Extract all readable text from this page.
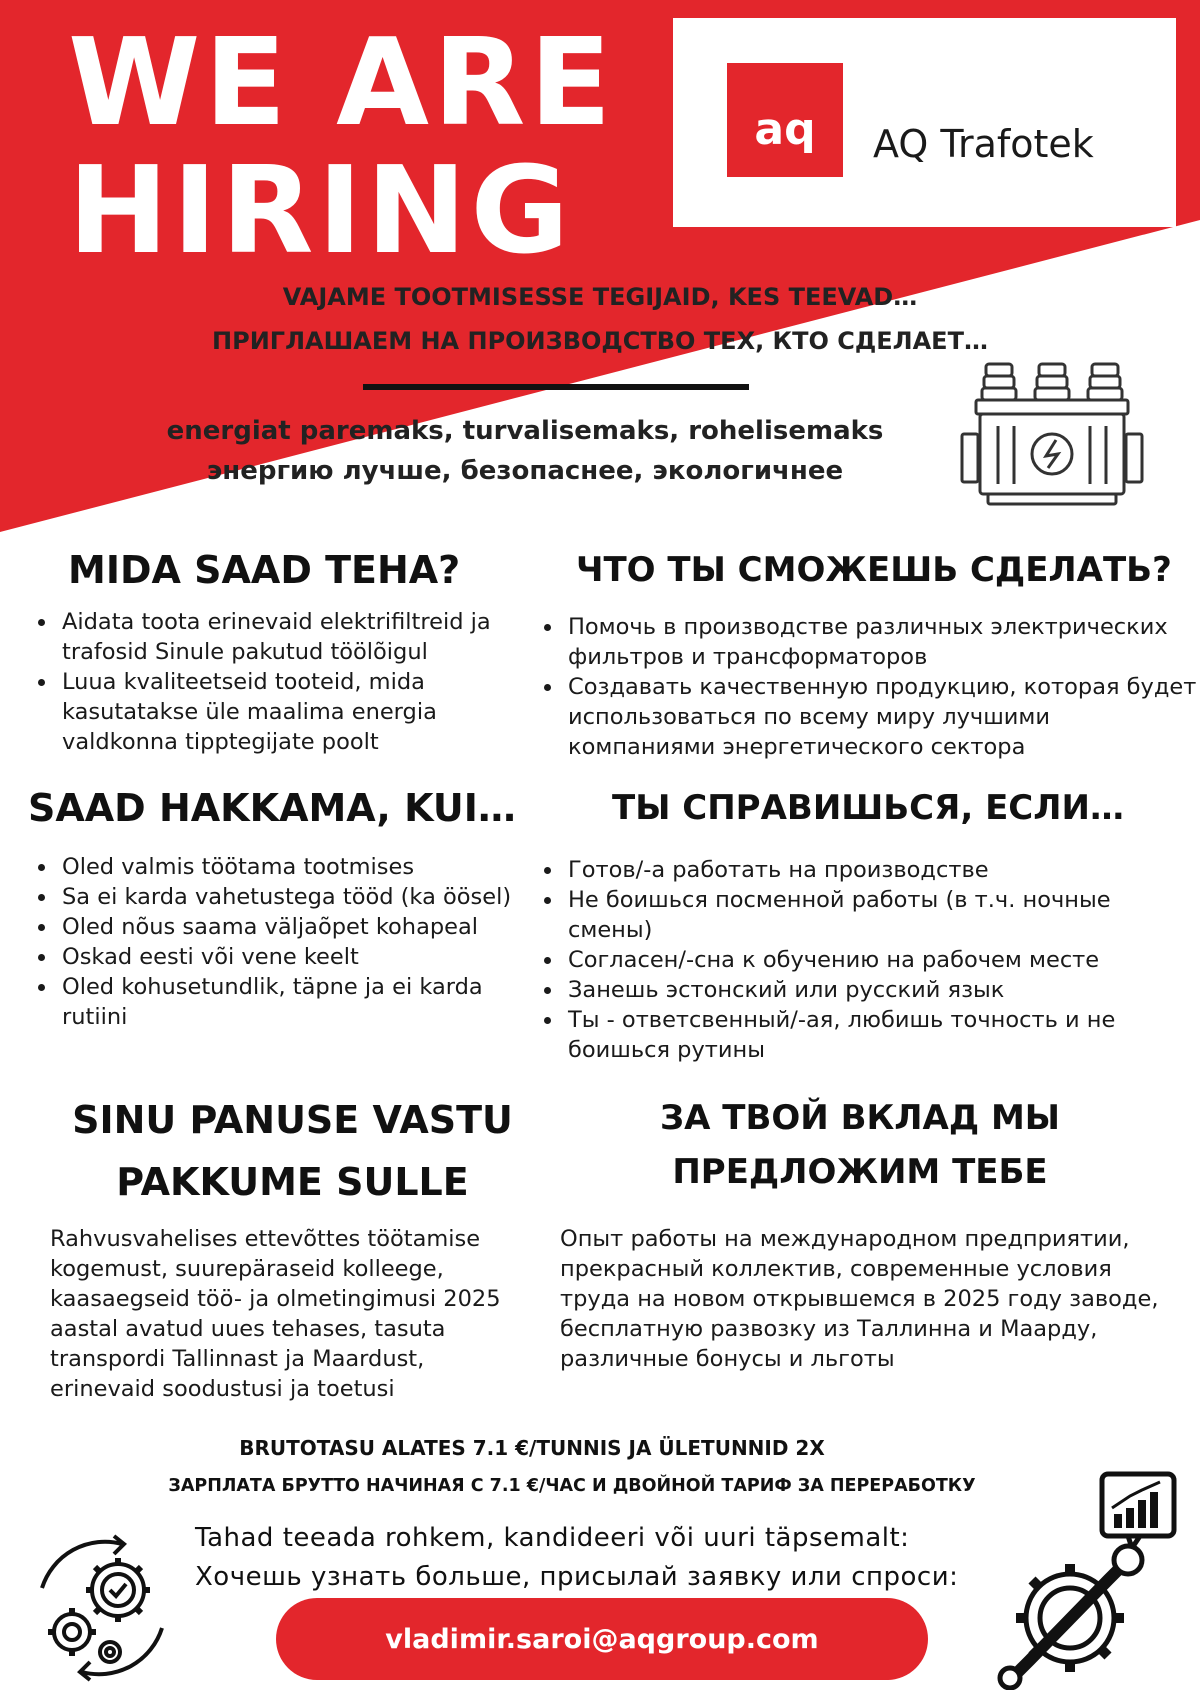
WE ARE
HIRING
aq	AQ Trafotek
VAJAME TOOTMISESSE TEGIJAID, KES TEEVAD…
ПРИГЛАШАЕМ НА ПРОИЗВОДСТВО ТЕХ, КТО СДЕЛАЕТ…
energiat paremaks, turvalisemaks, rohelisemaks
энергию лучше, безопаснее, экологичнее
MIDA SAAD TEHA?	ЧТО ТЫ СМОЖЕШЬ СДЕЛАТЬ?
• Aidata toota erinevaid elektrifiltreid ja trafosid Sinule pakutud töölõigul
• Luua kvaliteetseid tooteid, mida kasutatakse üle maalima energia valdkonna tipptegijate poolt
• Помочь в производстве различных электрических фильтров и трансформаторов
• Создавать качественную продукцию, которая будет использоваться по всему миру лучшими компаниями энергетического сектора
SAAD HAKKAMA, KUI…	ТЫ СПРАВИШЬСЯ, ЕСЛИ…
• Oled valmis töötama tootmises
• Sa ei karda vahetustega tööd (ka öösel)
• Oled nõus saama väljaõpet kohapeal
• Oskad eesti või vene keelt
• Oled kohusetundlik, täpne ja ei karda rutiini
• Готов/-а работать на производстве
• Не боишься посменной работы (в т.ч. ночные смены)
• Согласен/-сна к обучению на рабочем месте
• Занешь эстонский или русский язык
• Ты - ответсвенный/-ая, любишь точность и не боишься рутины
SINU PANUSE VASTU
PAKKUME SULLE
ЗА ТВОЙ ВКЛАД МЫ
ПРЕДЛОЖИМ ТЕБЕ
Rahvusvahelises ettevõttes töötamise kogemust, suurepäraseid kolleege, kaasaegseid töö- ja olmetingimusi 2025 aastal avatud uues tehases, tasuta transpordi Tallinnast ja Maardust, erinevaid soodustusi ja toetusi
Опыт работы на международном предприятии, прекрасный коллектив, современные условия труда на новом открывшемся в 2025 году заводе, бесплатную развозку из Таллинна и Маарду, различные бонусы и льготы
BRUTOTASU ALATES 7.1 €/TUNNIS JA ÜLETUNNID 2X
ЗАРПЛАТА БРУТТО НАЧИНАЯ С 7.1 €/ЧАС И ДВОЙНОЙ ТАРИФ ЗА ПЕРЕРАБОТКУ
Tahad teeada rohkem, kandideeri või uuri täpsemalt:
Хочешь узнать больше, присылай заявку или спроси:
vladimir.saroi@aqgroup.com
